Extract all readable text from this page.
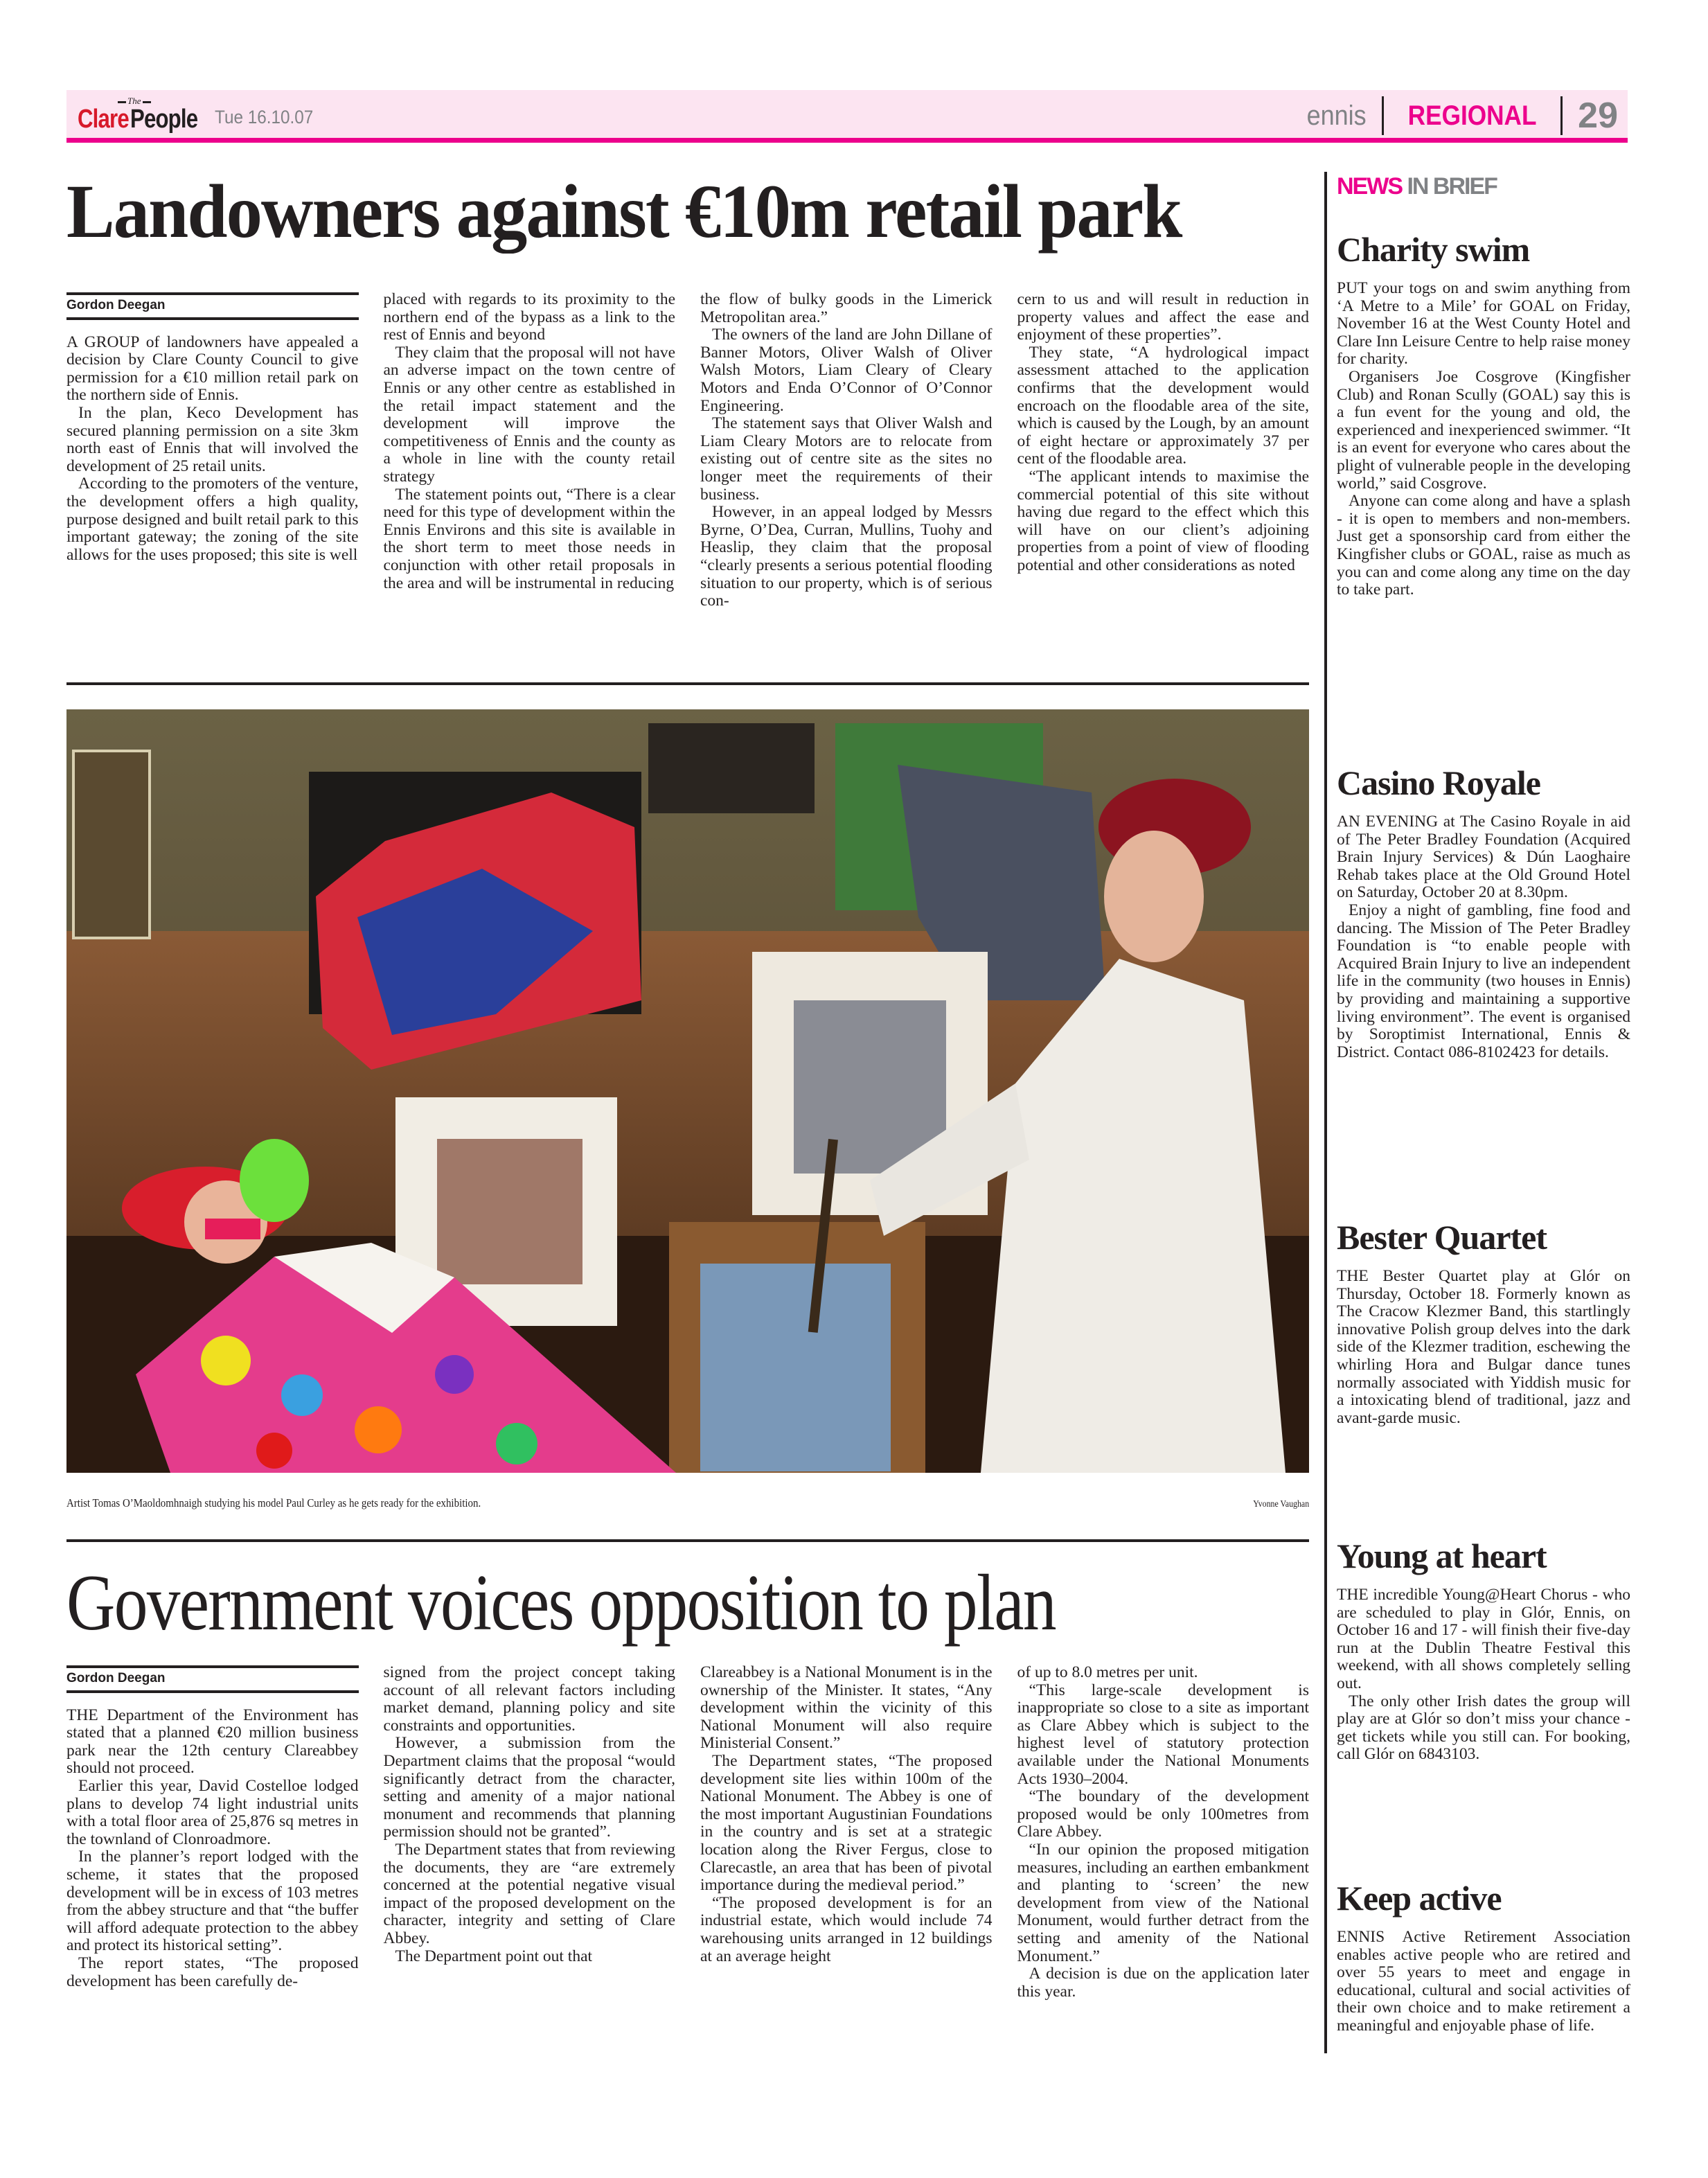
The
Clare People Tue 16.10.07	ennis REGIONAL 29
Landowners against €10m retail park
Gordon Deegan

A GROUP of landowners have appealed a decision by Clare County Council to give permission for a €10 million retail park on the northern side of Ennis.

In the plan, Keco Development has secured planning permission on a site 3km north east of Ennis that will involved the development of 25 retail units.

According to the promoters of the venture, the development offers a high quality, purpose designed and built retail park to this important gateway; the zoning of the site allows for the uses proposed; this site is well

placed with regards to its proximity to the northern end of the bypass as a link to the rest of Ennis and beyond

They claim that the proposal will not have an adverse impact on the town centre of Ennis or any other centre as established in the retail impact statement and the development will improve the competitiveness of Ennis and the county as a whole in line with the county retail strategy

The statement points out, “There is a clear need for this type of development within the Ennis Environs and this site is available in the short term to meet those needs in conjunction with other retail proposals in the area and will be instrumental in reducing

the flow of bulky goods in the Limerick Metropolitan area.”

The owners of the land are John Dillane of Banner Motors, Oliver Walsh of Oliver Walsh Motors, Liam Cleary of Cleary Motors and Enda O’Connor of O’Connor Engineering.

The statement says that Oliver Walsh and Liam Cleary Motors are to relocate from existing out of centre site as the sites no longer meet the requirements of their business.

However, in an appeal lodged by Messrs Byrne, O’Dea, Curran, Mullins, Tuohy and Heaslip, they claim that the proposal “clearly presents a serious potential flooding situation to our property, which is of serious con-

cern to us and will result in reduction in property values and affect the ease and enjoyment of these properties”.

They state, “A hydrological impact assessment attached to the application confirms that the development would encroach on the floodable area of the site, which is caused by the Lough, by an amount of eight hectare or approximately 37 per cent of the floodable area.

“The applicant intends to maximise the commercial potential of this site without having due regard to the effect which this will have on our client’s adjoining properties from a point of view of flooding potential and other considerations as noted

Artist Tomas O’Maoldomhnaigh studying his model Paul Curley as he gets ready for the exhibition.	Yvonne Vaughan
Government voices opposition to plan
Gordon Deegan

THE Department of the Environment has stated that a planned €20 million business park near the 12th century Clareabbey should not proceed.

Earlier this year, David Costelloe lodged plans to develop 74 light industrial units with a total floor area of 25,876 sq metres in the townland of Clonroadmore.

In the planner’s report lodged with the scheme, it states that the proposed development will be in excess of 103 metres from the abbey structure and that “the buffer will afford adequate protection to the abbey and protect its historical setting”.

The report states, “The proposed development has been carefully de-

signed from the project concept taking account of all relevant factors including market demand, planning policy and site constraints and opportunities.

However, a submission from the Department claims that the proposal “would significantly detract from the character, setting and amenity of a major national monument and recommends that planning permission should not be granted”.

The Department states that from reviewing the documents, they are “are extremely concerned at the potential negative visual impact of the proposed development on the character, integrity and setting of Clare Abbey.

The Department point out that

Clareabbey is a National Monument is in the ownership of the Minister. It states, “Any development within the vicinity of this National Monument will also require Ministerial Consent.”

The Department states, “The proposed development site lies within 100m of the National Monument. The Abbey is one of the most important Augustinian Foundations in the country and is set at a strategic location along the River Fergus, close to Clarecastle, an area that has been of pivotal importance during the medieval period.”

“The proposed development is for an industrial estate, which would include 74 warehousing units arranged in 12 buildings at an average height

of up to 8.0 metres per unit.

“This large-scale development is inappropriate so close to a site as important as Clare Abbey which is subject to the highest level of statutory protection available under the National Monuments Acts 1930–2004.

“The boundary of the development proposed would be only 100metres from Clare Abbey.

“In our opinion the proposed mitigation measures, including an earthen embankment and planting to ‘screen’ the new development from view of the National Monument, would further detract from the setting and amenity of the National Monument.”

A decision is due on the application later this year.

NEWS IN BRIEF
Charity swim

PUT your togs on and swim anything from ‘A Metre to a Mile’ for GOAL on Friday, November 16 at the West County Hotel and Clare Inn Leisure Centre to help raise money for charity.

Organisers Joe Cosgrove (Kingfisher Club) and Ronan Scully (GOAL) say this is a fun event for the young and old, the experienced and inexperienced swimmer. “It is an event for everyone who cares about the plight of vulnerable people in the developing world,” said Cosgrove.

Anyone can come along and have a splash - it is open to members and non-members. Just get a sponsorship card from either the Kingfisher clubs or GOAL, raise as much as you can and come along any time on the day to take part.

Casino Royale

AN EVENING at The Casino Royale in aid of The Peter Bradley Foundation (Acquired Brain Injury Services) & Dún Laoghaire Rehab takes place at the Old Ground Hotel on Saturday, October 20 at 8.30pm.

Enjoy a night of gambling, fine food and dancing. The Mission of The Peter Bradley Foundation is “to enable people with Acquired Brain Injury to live an independent life in the community (two houses in Ennis) by providing and maintaining a supportive living environment”. The event is organised by Soroptimist International, Ennis & District. Contact 086-8102423 for details.

Bester Quartet

THE Bester Quartet play at Glór on Thursday, October 18. Formerly known as The Cracow Klezmer Band, this startlingly innovative Polish group delves into the dark side of the Klezmer tradition, eschewing the whirling Hora and Bulgar dance tunes normally associated with Yiddish music for a intoxicating blend of traditional, jazz and avant-garde music.

Young at heart

THE incredible Young@Heart Chorus - who are scheduled to play in Glór, Ennis, on October 16 and 17 - will finish their five-day run at the Dublin Theatre Festival this weekend, with all shows completely selling out.

The only other Irish dates the group will play are at Glór so don’t miss your chance - get tickets while you still can. For booking, call Glór on 6843103.

Keep active

ENNIS Active Retirement Association enables active people who are retired and over 55 years to meet and engage in educational, cultural and social activities of their own choice and to make retirement a meaningful and enjoyable phase of life.
